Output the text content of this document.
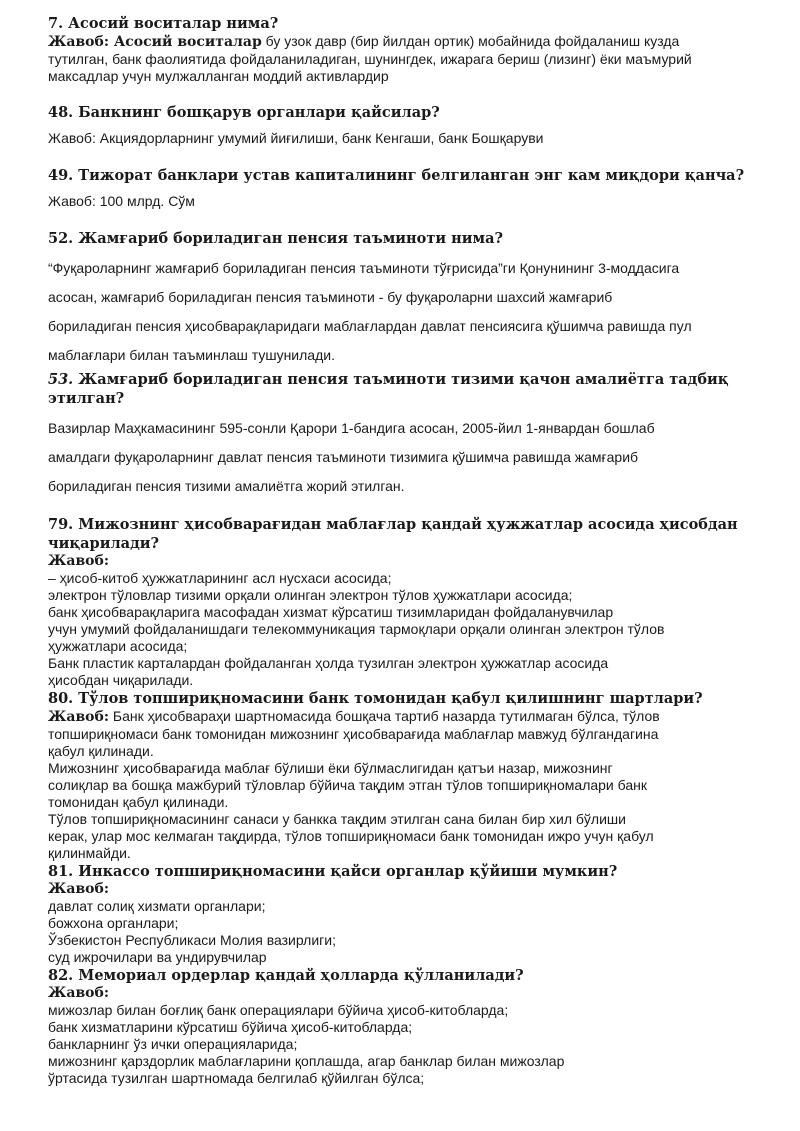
7. Асосий воситалар нима?

Жавоб: Асосий воситалар бу узок давр (бир йилдан ортик) мобайнида фойдаланиш кузда

тутилган, банк фаолиятида фойдаланиладиган, шунингдек, ижарага бериш (лизинг) ёки маъмурий

максадлар учун мулжалланган моддий активлардир

48. Банкнинг бошқарув органлари қайсилар?

Жавоб: Акциядорларнинг умумий йиғилиши, банк Кенгаши, банк Бошқаруви

49. Тижорат банклари устав капиталининг белгиланган энг кам миқдори қанча?

Жавоб: 100 млрд. Сўм

52. Жамғариб бориладиган пенсия таъминоти нима?

“Фуқароларнинг жамғариб бориладиган пенсия таъминоти тўғрисида”ги Қонунининг 3-моддасига

асосан, жамғариб бориладиган пенсия таъминоти - бу фуқароларни шахсий жамғариб

бориладиган пенсия ҳисобварақларидаги маблағлардан давлат пенсиясига қўшимча равишда пул

маблағлари билан таъминлаш тушунилади.

53. Жамғариб бориладиган пенсия таъминоти тизими қачон амалиётга тадбиқ этилган?

Вазирлар Маҳкамасининг 595-сонли Қарори 1-бандига асосан, 2005-йил 1-январдан бошлаб

амалдаги фуқароларнинг давлат пенсия таъминоти тизимига қўшимча равишда жамғариб

бориладиган пенсия тизими амалиётга жорий этилган.

79. Мижознинг ҳисобварағидан маблағлар қандай ҳужжатлар асосида ҳисобдан

чиқарилади?

Жавоб:

– ҳисоб-китоб ҳужжатларининг асл нусхаси асосида;

электрон тўловлар тизими орқали олинган электрон тўлов ҳужжатлари асосида;

банк ҳисобварақларига масофадан хизмат кўрсатиш тизимларидан фойдаланувчилар

учун умумий фойдаланишдаги телекоммуникация тармоқлари орқали олинган электрон тўлов

ҳужжатлари асосида;

Банк пластик карталардан фойдаланган ҳолда тузилган электрон ҳужжатлар асосида

ҳисобдан чиқарилади.

80. Тўлов топшириқномасини банк томонидан қабул қилишнинг шартлари?

Жавоб: Банк ҳисобвараҳи шартномасида бошқача тартиб назарда тутилмаган бўлса, тўлов

топшириқномаси банк томонидан мижознинг ҳисобварағида маблағлар мавжуд бўлгандагина

қабул қилинади.

Мижознинг ҳисобварағида маблағ бўлиши ёки бўлмаслигидан қатъи назар, мижознинг

солиқлар ва бошқа мажбурий тўловлар бўйича тақдим этган тўлов топшириқномалари банк

томонидан қабул қилинади.

Тўлов топшириқномасининг санаси у банкка тақдим этилган сана билан бир хил бўлиши

керак, улар мос келмаган тақдирда, тўлов топшириқномаси банк томонидан ижро учун қабул

қилинмайди.

81. Инкассо топшириқномасини қайси органлар қўйиши мумкин?

Жавоб:

давлат солиқ хизмати органлари;

божхона органлари;

Ўзбекистон Республикаси Молия вазирлиги;

суд ижрочилари ва ундирувчилар

82. Мемориал ордерлар қандай ҳолларда қўлланилади?

Жавоб:

мижозлар билан боғлиқ банк операциялари бўйича ҳисоб-китобларда;

банк хизматларини кўрсатиш бўйича ҳисоб-китобларда;

банкларнинг ўз ички операцияларида;

мижознинг қарздорлик маблағларини қоплашда, агар банклар билан мижозлар

ўртасида тузилган шартномада белгилаб қўйилган бўлса;
